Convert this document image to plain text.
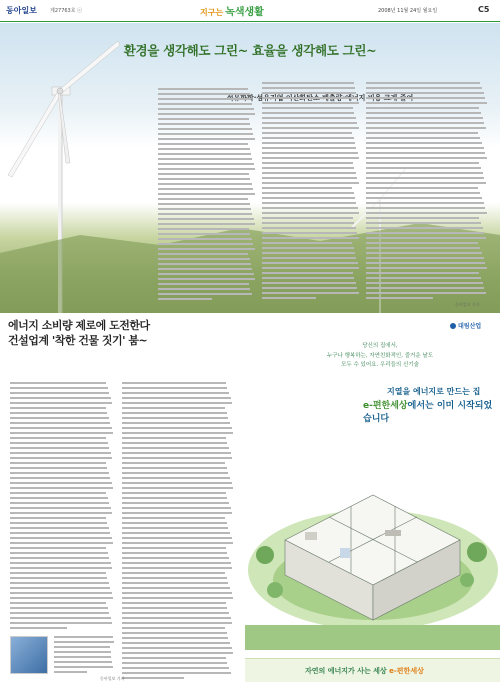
동아일보	제27763호 ⓒ	지구는 녹색생활	2008년 11월 24일 월요일	C5
환경을 생각해도 그린~ 효율을 생각해도 그린~
석유화학·섬유기업
동아일보 기자
에너지 소비량 제로에 도전한다
건설업계 '착한 건물 짓기' 붐~
동아일보 기자
대림산업
당신의 집에서,
누구나 행복하는, 자연친화적인, 즐거운 날도
모두 수 있어요. 우리들의 신기술
지열을 에너지로 만드는 집
e-편한세상에서는 이미 시작되었습니다
자연의 에너지가 사는 세상 e-편한세상
